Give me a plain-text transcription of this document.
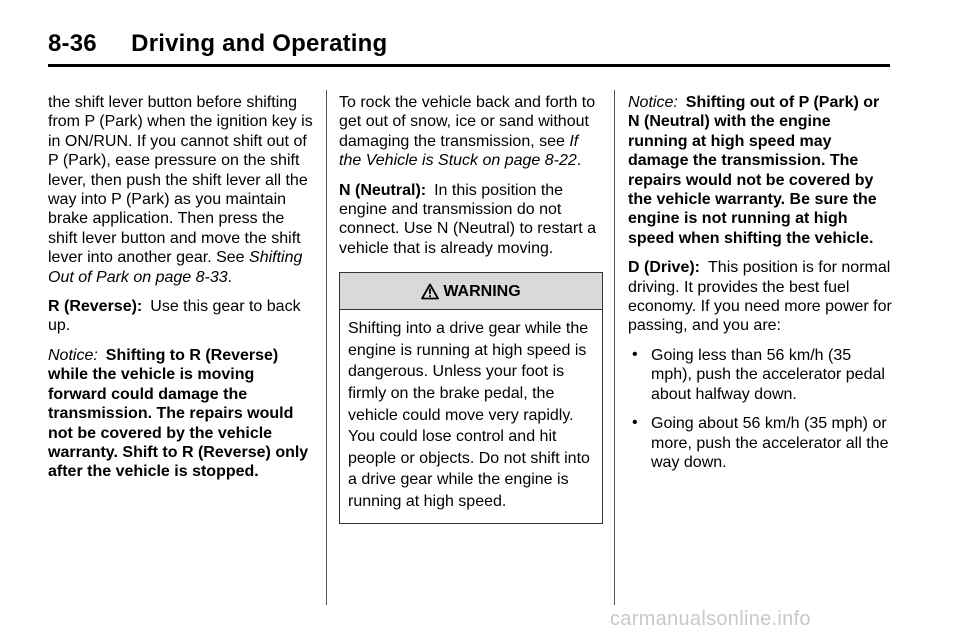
8-36     Driving and Operating

the shift lever button before shifting from P (Park) when the ignition key is in ON/RUN. If you cannot shift out of P (Park), ease pressure on the shift lever, then push the shift lever all the way into P (Park) as you maintain brake application. Then press the shift lever button and move the shift lever into another gear. See Shifting Out of Park on page 8‑33.

R (Reverse): Use this gear to back up.

Notice: Shifting to R (Reverse) while the vehicle is moving forward could damage the transmission. The repairs would not be covered by the vehicle warranty. Shift to R (Reverse) only after the vehicle is stopped.

To rock the vehicle back and forth to get out of snow, ice or sand without damaging the transmission, see If the Vehicle is Stuck on page 8‑22.

N (Neutral): In this position the engine and transmission do not connect. Use N (Neutral) to restart a vehicle that is already moving.

WARNING
Shifting into a drive gear while the engine is running at high speed is dangerous. Unless your foot is firmly on the brake pedal, the vehicle could move very rapidly. You could lose control and hit people or objects. Do not shift into a drive gear while the engine is running at high speed.

Notice: Shifting out of P (Park) or N (Neutral) with the engine running at high speed may damage the transmission. The repairs would not be covered by the vehicle warranty. Be sure the engine is not running at high speed when shifting the vehicle.

D (Drive): This position is for normal driving. It provides the best fuel economy. If you need more power for passing, and you are:

• Going less than 56 km/h (35 mph), push the accelerator pedal about halfway down.
• Going about 56 km/h (35 mph) or more, push the accelerator all the way down.
carmanualsonline.info
